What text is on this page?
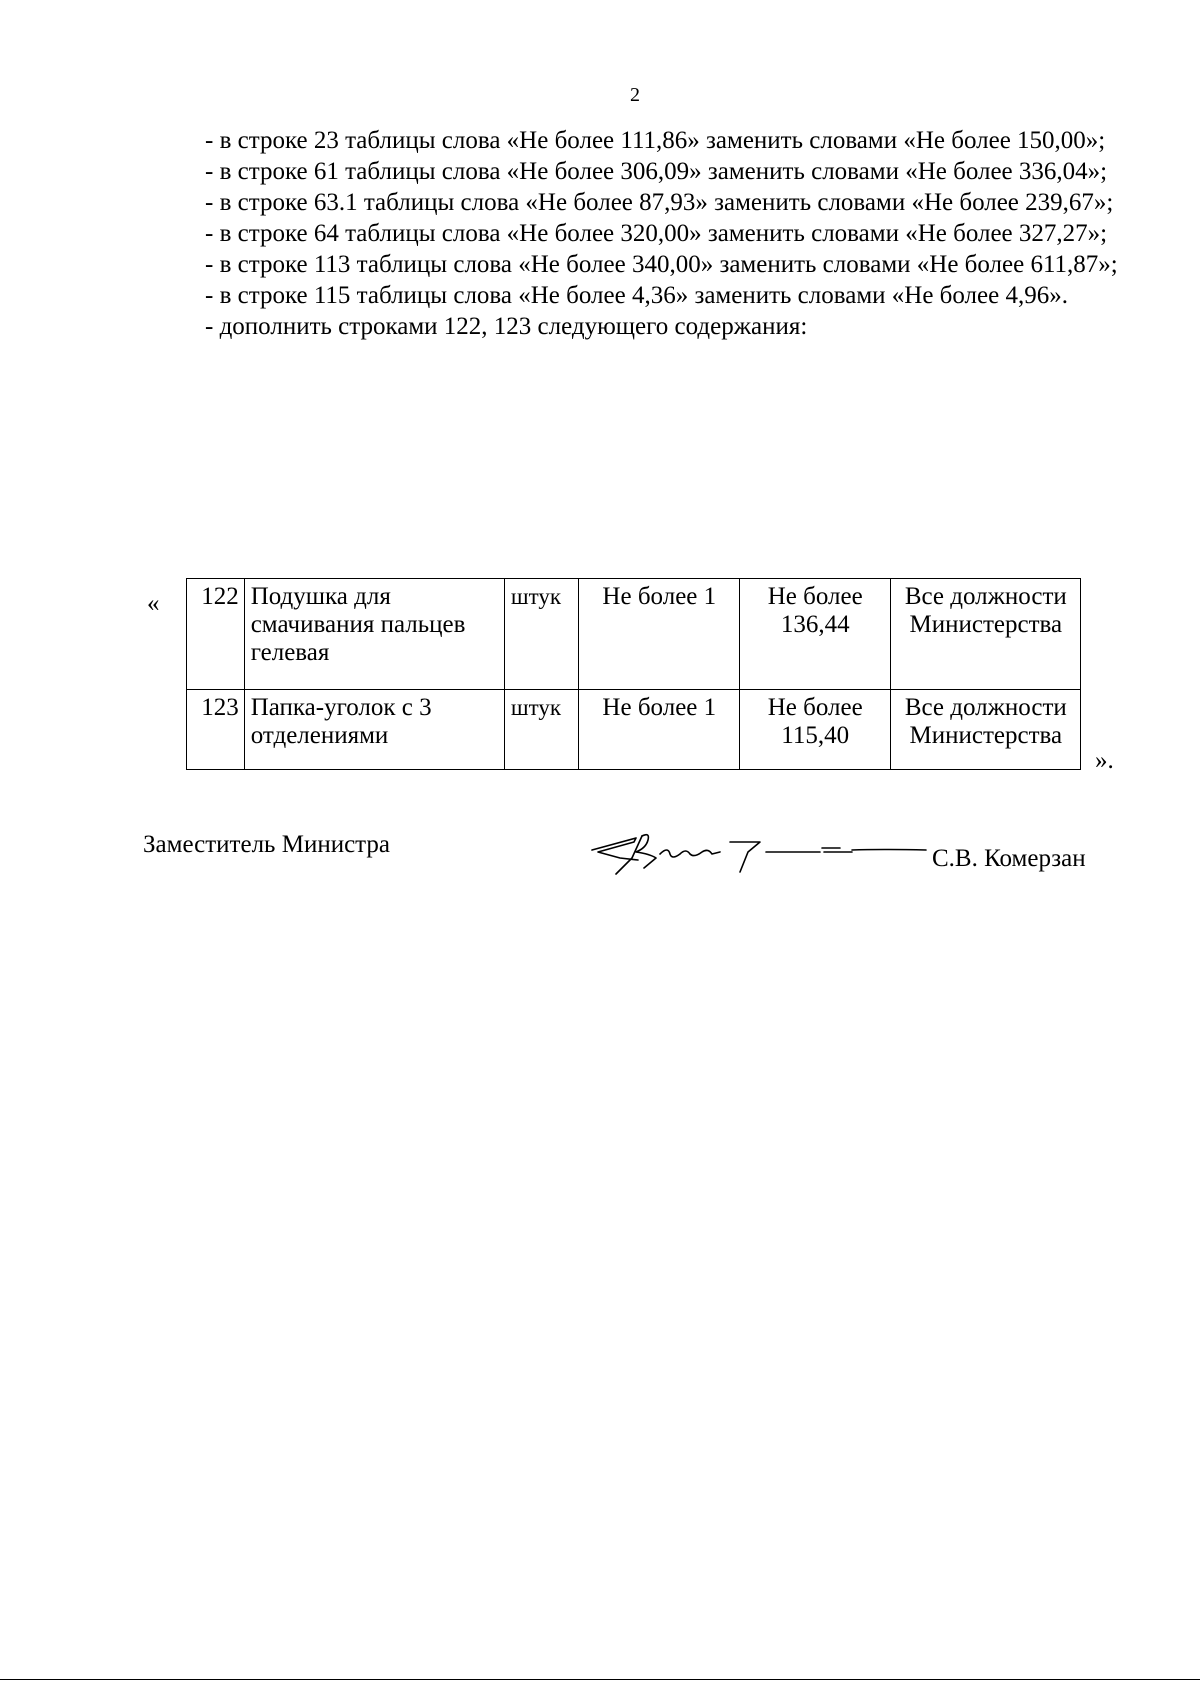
2

- в строке 23 таблицы слова «Не более 111,86» заменить словами «Не более 150,00»;

- в строке 61 таблицы слова «Не более 306,09» заменить словами «Не более 336,04»;

- в строке 63.1 таблицы слова «Не более 87,93» заменить словами «Не более 239,67»;

- в строке 64 таблицы слова «Не более 320,00» заменить словами «Не более 327,27»;

- в строке 113 таблицы слова «Не более 340,00» заменить словами «Не более 611,87»;

- в строке 115 таблицы слова «Не более 4,36» заменить словами «Не более 4,96».

- дополнить строками 122, 123 следующего содержания:

« 122	Подушка для смачивания пальцев гелевая	штук	Не более 1	Не более 136,44	Все должности Министерства
123	Папка-уголок с 3 отделениями	штук	Не более 1	Не более 115,40	Все должности Министерства
».
Заместитель Министра
С.В. Комерзан
